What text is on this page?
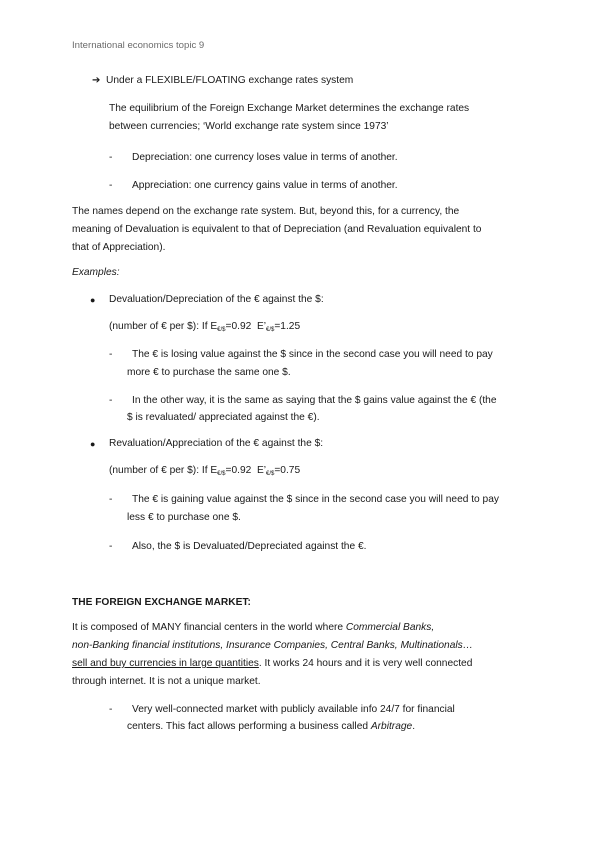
International economics topic 9
➔ Under a FLEXIBLE/FLOATING exchange rates system
The equilibrium of the Foreign Exchange Market determines the exchange rates
between currencies; ‘World exchange rate system since 1973’
- Depreciation: one currency loses value in terms of another.
- Appreciation: one currency gains value in terms of another.
The names depend on the exchange rate system. But, beyond this, for a currency, the
meaning of Devaluation is equivalent to that of Depreciation (and Revaluation equivalent to
that of Appreciation).
Examples:
● Devaluation/Depreciation of the € against the $:
(number of € per $): If $E_{€/\$}=0.92$  $E’_{€/\$}=1.25$
- The € is losing value against the $ since in the second case you will need to pay
more € to purchase the same one $.
- In the other way, it is the same as saying that the $ gains value against the € (the
$ is revaluated/ appreciated against the €).
● Revaluation/Appreciation of the € against the $:
(number of € per $): If $E_{€/\$}=0.92$  $E’_{€/\$}=0.75$
- The € is gaining value against the $ since in the second case you will need to pay
less € to purchase one $.
- Also, the $ is Devaluated/Depreciated against the €.
THE FOREIGN EXCHANGE MARKET:
It is composed of MANY financial centers in the world where Commercial Banks,
non-Banking financial institutions, Insurance Companies, Central Banks, Multinationals…
sell and buy currencies in large quantities. It works 24 hours and it is very well connected
through internet. It is not a unique market.
- Very well-connected market with publicly available info 24/7 for financial
centers. This fact allows performing a business called Arbitrage.
